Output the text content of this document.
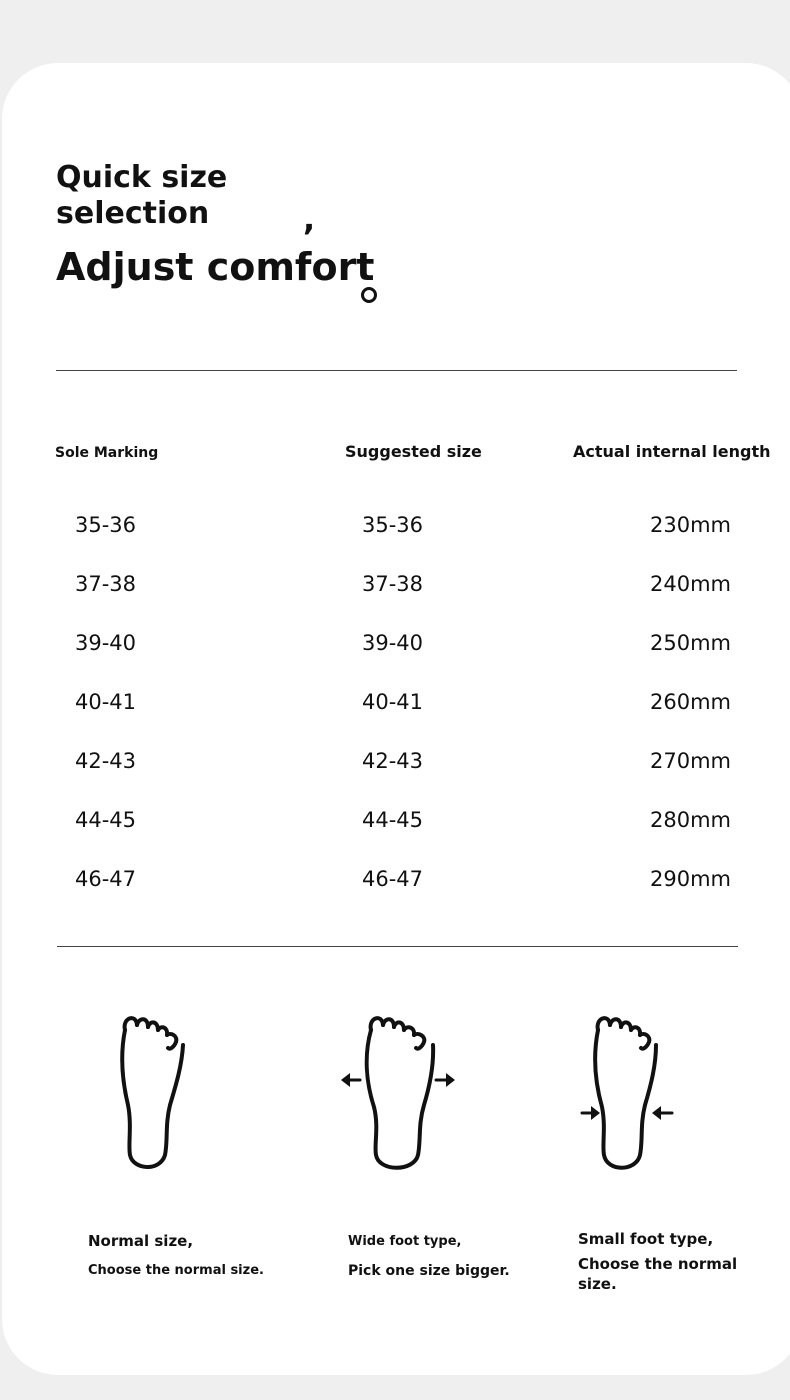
Quick size selection	,
Adjust comfort
Sole Marking	Suggested size	Actual internal length
35-36	35-36	230mm
37-38	37-38	240mm
39-40	39-40	250mm
40-41	40-41	260mm
42-43	42-43	270mm
44-45	44-45	280mm
46-47	46-47	290mm
Normal size,
Choose the normal size.
Wide foot type,
Pick one size bigger.
Small foot type,
Choose the normal size.
